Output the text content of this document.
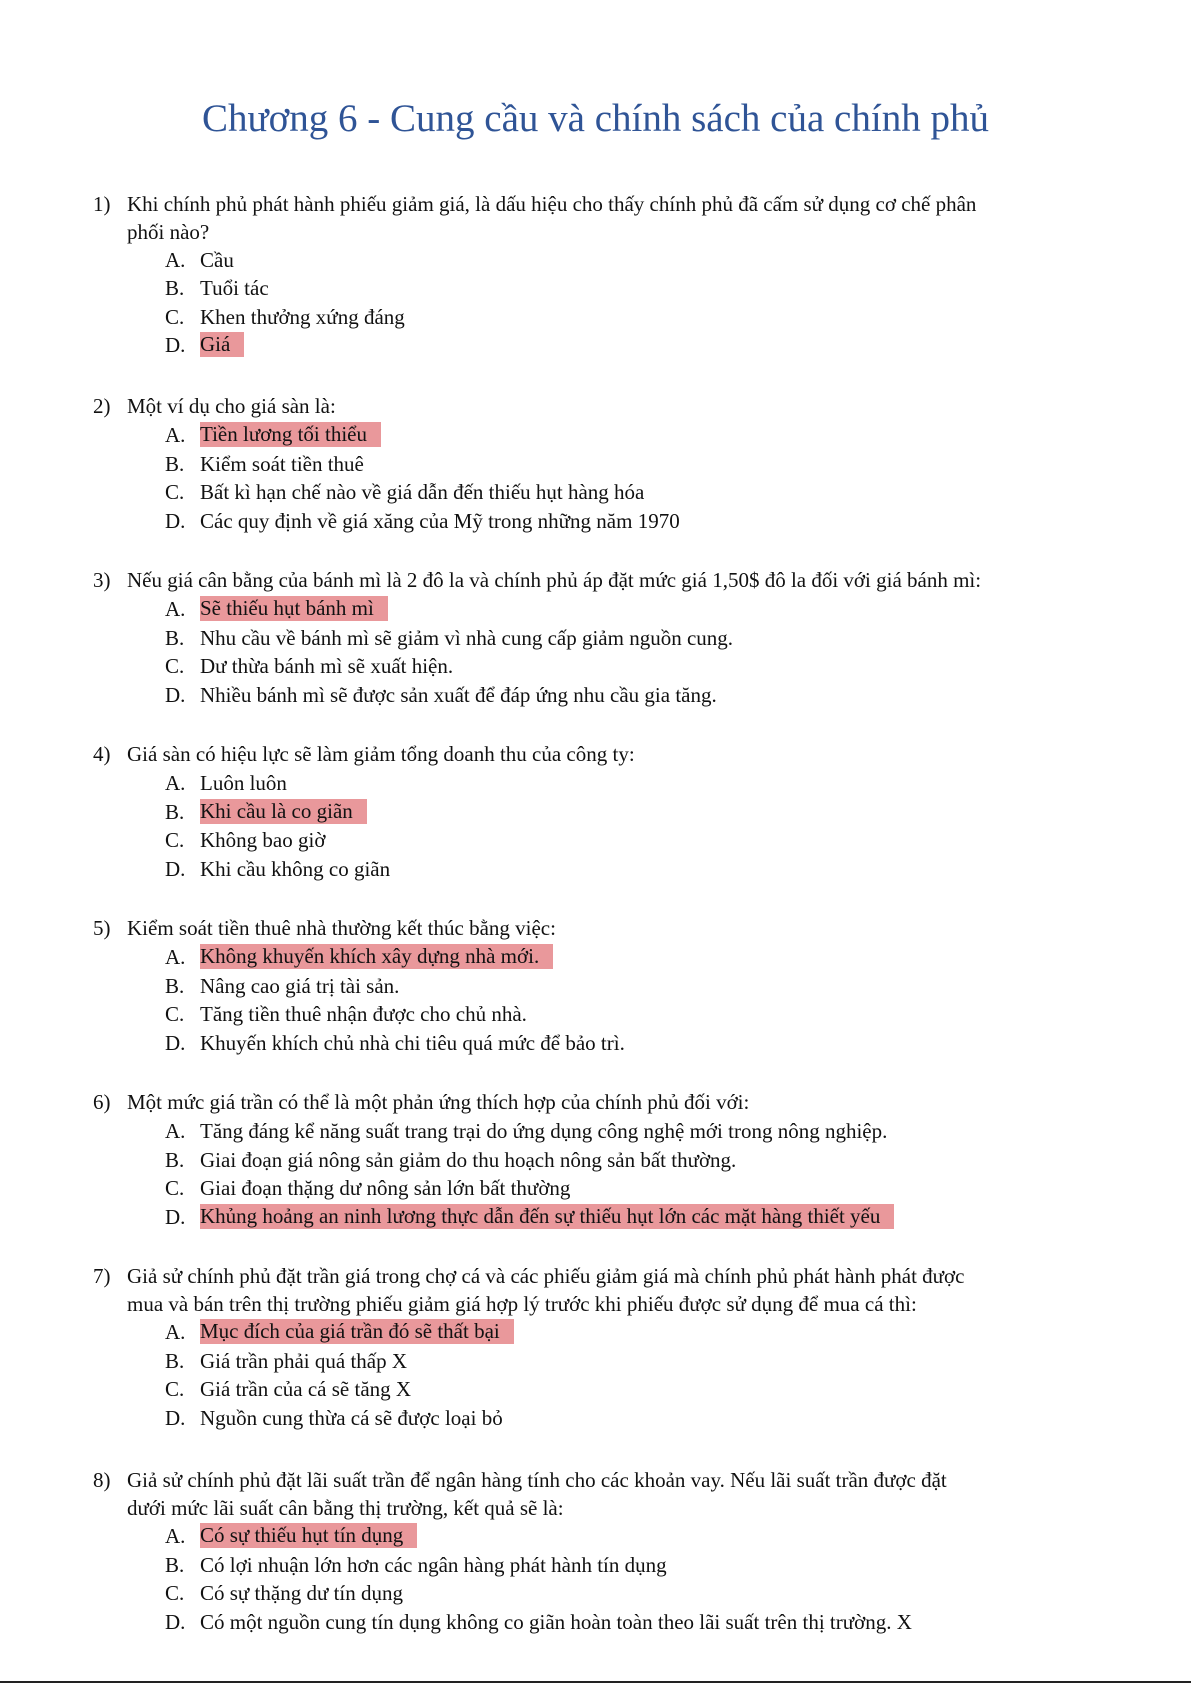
Chương 6 - Cung cầu và chính sách của chính phủ
1) Khi chính phủ phát hành phiếu giảm giá, là dấu hiệu cho thấy chính phủ đã cấm sử dụng cơ chế phân
phối nào?
A. Cầu
B. Tuổi tác
C. Khen thưởng xứng đáng
D. Giá
2) Một ví dụ cho giá sàn là:
A. Tiền lương tối thiểu
B. Kiểm soát tiền thuê
C. Bất kì hạn chế nào về giá dẫn đến thiếu hụt hàng hóa
D. Các quy định về giá xăng của Mỹ trong những năm 1970
3) Nếu giá cân bằng của bánh mì là 2 đô la và chính phủ áp đặt mức giá 1,50$ đô la đối với giá bánh mì:
A. Sẽ thiếu hụt bánh mì
B. Nhu cầu về bánh mì sẽ giảm vì nhà cung cấp giảm nguồn cung.
C. Dư thừa bánh mì sẽ xuất hiện.
D. Nhiều bánh mì sẽ được sản xuất để đáp ứng nhu cầu gia tăng.
4) Giá sàn có hiệu lực sẽ làm giảm tổng doanh thu của công ty:
A. Luôn luôn
B. Khi cầu là co giãn
C. Không bao giờ
D. Khi cầu không co giãn
5) Kiểm soát tiền thuê nhà thường kết thúc bằng việc:
A. Không khuyến khích xây dựng nhà mới.
B. Nâng cao giá trị tài sản.
C. Tăng tiền thuê nhận được cho chủ nhà.
D. Khuyến khích chủ nhà chi tiêu quá mức để bảo trì.
6) Một mức giá trần có thể là một phản ứng thích hợp của chính phủ đối với:
A. Tăng đáng kể năng suất trang trại do ứng dụng công nghệ mới trong nông nghiệp.
B. Giai đoạn giá nông sản giảm do thu hoạch nông sản bất thường.
C. Giai đoạn thặng dư nông sản lớn bất thường
D. Khủng hoảng an ninh lương thực dẫn đến sự thiếu hụt lớn các mặt hàng thiết yếu
7) Giả sử chính phủ đặt trần giá trong chợ cá và các phiếu giảm giá mà chính phủ phát hành phát được
mua và bán trên thị trường phiếu giảm giá hợp lý trước khi phiếu được sử dụng để mua cá thì:
A. Mục đích của giá trần đó sẽ thất bại
B. Giá trần phải quá thấp X
C. Giá trần của cá sẽ tăng X
D. Nguồn cung thừa cá sẽ được loại bỏ
8) Giả sử chính phủ đặt lãi suất trần để ngân hàng tính cho các khoản vay. Nếu lãi suất trần được đặt
dưới mức lãi suất cân bằng thị trường, kết quả sẽ là:
A. Có sự thiếu hụt tín dụng
B. Có lợi nhuận lớn hơn các ngân hàng phát hành tín dụng
C. Có sự thặng dư tín dụng
D. Có một nguồn cung tín dụng không co giãn hoàn toàn theo lãi suất trên thị trường. X
